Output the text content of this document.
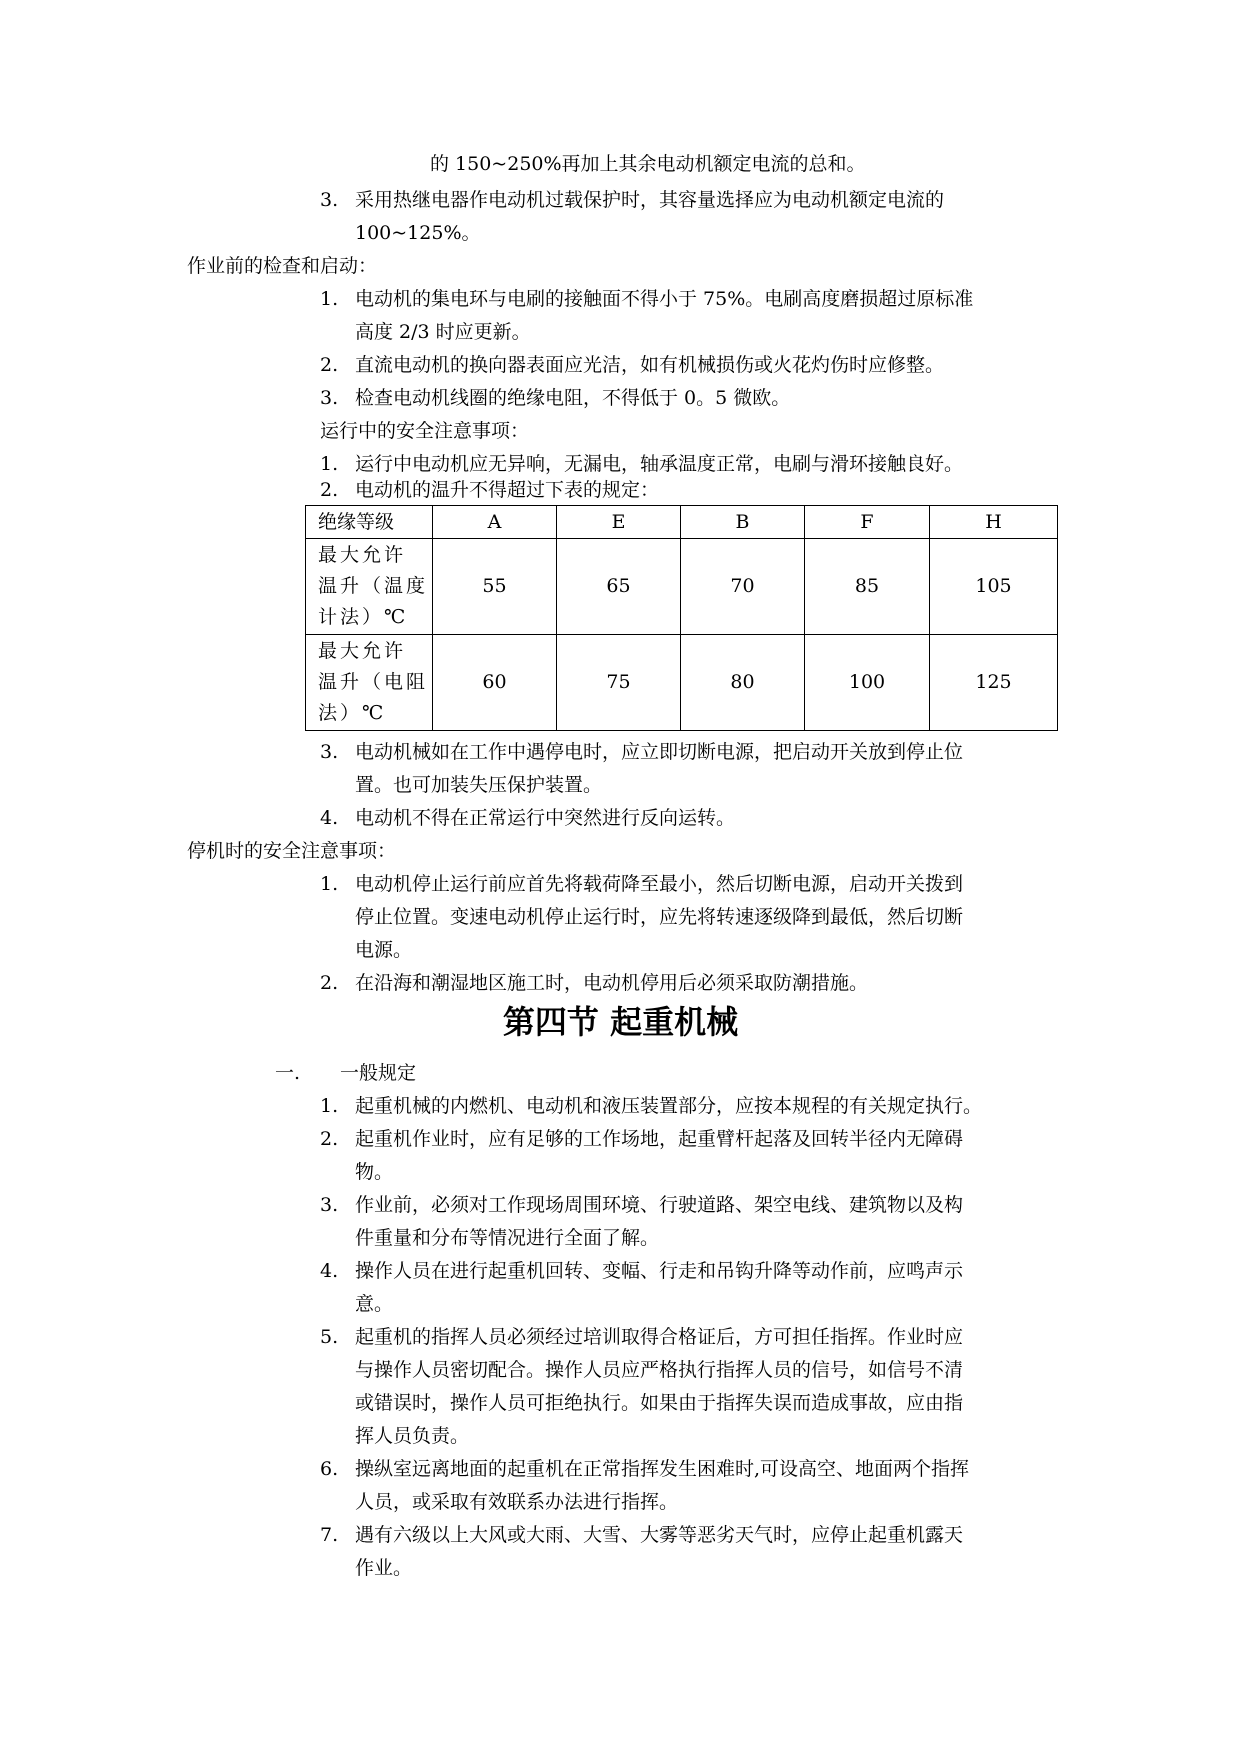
的 150~250%再加上其余电动机额定电流的总和。
3. 采用热继电器作电动机过载保护时，其容量选择应为电动机额定电流的
100~125%。
作业前的检查和启动：
1. 电动机的集电环与电刷的接触面不得小于 75%。电刷高度磨损超过原标准
高度 2/3 时应更新。
2. 直流电动机的换向器表面应光洁，如有机械损伤或火花灼伤时应修整。
3. 检查电动机线圈的绝缘电阻，不得低于 0。5 微欧。
运行中的安全注意事项：
1. 运行中电动机应无异响，无漏电，轴承温度正常，电刷与滑环接触良好。
2. 电动机的温升不得超过下表的规定：
绝缘等级	A	E	B	F	H

最大允许
温升（温度
计法）℃	55	65	70	85	105

最大允许
温升（电阻
法）℃	60	75	80	100	125
3. 电动机械如在工作中遇停电时，应立即切断电源，把启动开关放到停止位
置。也可加装失压保护装置。
4. 电动机不得在正常运行中突然进行反向运转。
停机时的安全注意事项：
1. 电动机停止运行前应首先将载荷降至最小，然后切断电源，启动开关拨到
停止位置。变速电动机停止运行时，应先将转速逐级降到最低，然后切断
电源。
2. 在沿海和潮湿地区施工时，电动机停用后必须采取防潮措施。
第四节 起重机械
一. 一般规定
1. 起重机械的内燃机、电动机和液压装置部分，应按本规程的有关规定执行。
2. 起重机作业时，应有足够的工作场地，起重臂杆起落及回转半径内无障碍
物。
3. 作业前，必须对工作现场周围环境、行驶道路、架空电线、建筑物以及构
件重量和分布等情况进行全面了解。
4. 操作人员在进行起重机回转、变幅、行走和吊钩升降等动作前，应鸣声示
意。
5. 起重机的指挥人员必须经过培训取得合格证后，方可担任指挥。作业时应
与操作人员密切配合。操作人员应严格执行指挥人员的信号，如信号不清
或错误时，操作人员可拒绝执行。如果由于指挥失误而造成事故，应由指
挥人员负责。
6. 操纵室远离地面的起重机在正常指挥发生困难时,可设高空、地面两个指挥
人员，或采取有效联系办法进行指挥。
7. 遇有六级以上大风或大雨、大雪、大雾等恶劣天气时，应停止起重机露天
作业。
